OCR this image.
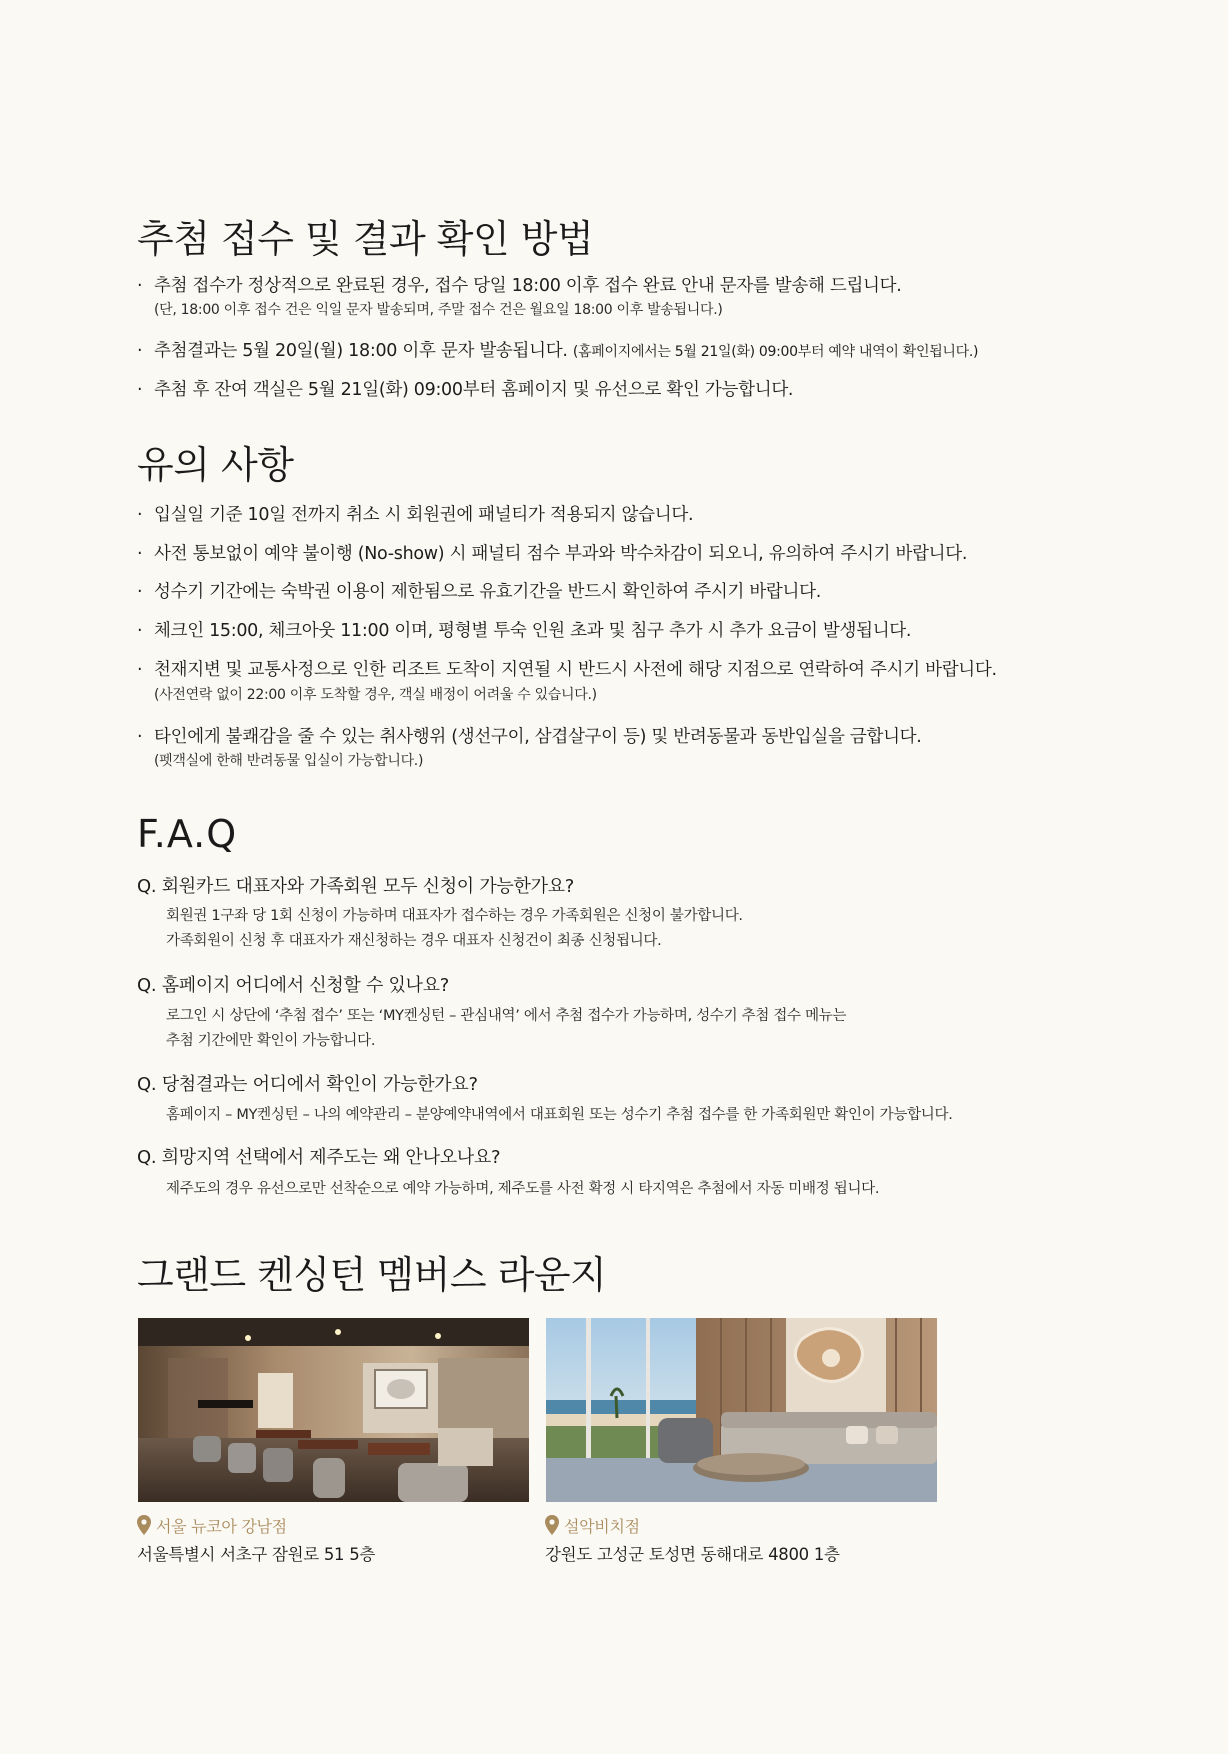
추첨 접수 및 결과 확인 방법
· 추첨 접수가 정상적으로 완료된 경우, 접수 당일 18:00 이후 접수 완료 안내 문자를 발송해 드립니다.
(단, 18:00 이후 접수 건은 익일 문자 발송되며, 주말 접수 건은 월요일 18:00 이후 발송됩니다.)
· 추첨결과는 5월 20일(월) 18:00 이후 문자 발송됩니다. (홈페이지에서는 5월 21일(화) 09:00부터 예약 내역이 확인됩니다.)
· 추첨 후 잔여 객실은 5월 21일(화) 09:00부터 홈페이지 및 유선으로 확인 가능합니다.
유의 사항
· 입실일 기준 10일 전까지 취소 시 회원권에 패널티가 적용되지 않습니다.
· 사전 통보없이 예약 불이행 (No-show) 시 패널티 점수 부과와 박수차감이 되오니, 유의하여 주시기 바랍니다.
· 성수기 기간에는 숙박권 이용이 제한됨으로 유효기간을 반드시 확인하여 주시기 바랍니다.
· 체크인 15:00, 체크아웃 11:00 이며, 평형별 투숙 인원 초과 및 침구 추가 시 추가 요금이 발생됩니다.
· 천재지변 및 교통사정으로 인한 리조트 도착이 지연될 시 반드시 사전에 해당 지점으로 연락하여 주시기 바랍니다.
(사전연락 없이 22:00 이후 도착할 경우, 객실 배정이 어려울 수 있습니다.)
· 타인에게 불쾌감을 줄 수 있는 취사행위 (생선구이, 삼겹살구이 등) 및 반려동물과 동반입실을 금합니다.
(펫객실에 한해 반려동물 입실이 가능합니다.)
F.A.Q
Q. 회원카드 대표자와 가족회원 모두 신청이 가능한가요?
회원권 1구좌 당 1회 신청이 가능하며 대표자가 접수하는 경우 가족회원은 신청이 불가합니다.
가족회원이 신청 후 대표자가 재신청하는 경우 대표자 신청건이 최종 신청됩니다.
Q. 홈페이지 어디에서 신청할 수 있나요?
로그인 시 상단에 ‘추첨 접수’ 또는 ‘MY켄싱턴 – 관심내역’ 에서 추첨 접수가 가능하며, 성수기 추첨 접수 메뉴는
추첨 기간에만 확인이 가능합니다.
Q. 당첨결과는 어디에서 확인이 가능한가요?
홈페이지 – MY켄싱턴 – 나의 예약관리 – 분양예약내역에서 대표회원 또는 성수기 추첨 접수를 한 가족회원만 확인이 가능합니다.
Q. 희망지역 선택에서 제주도는 왜 안나오나요?
제주도의 경우 유선으로만 선착순으로 예약 가능하며, 제주도를 사전 확정 시 타지역은 추첨에서 자동 미배정 됩니다.
그랜드 켄싱턴 멤버스 라운지
서울 뉴코아 강남점
서울특별시 서초구 잠원로 51 5층
설악비치점
강원도 고성군 토성면 동해대로 4800 1층
